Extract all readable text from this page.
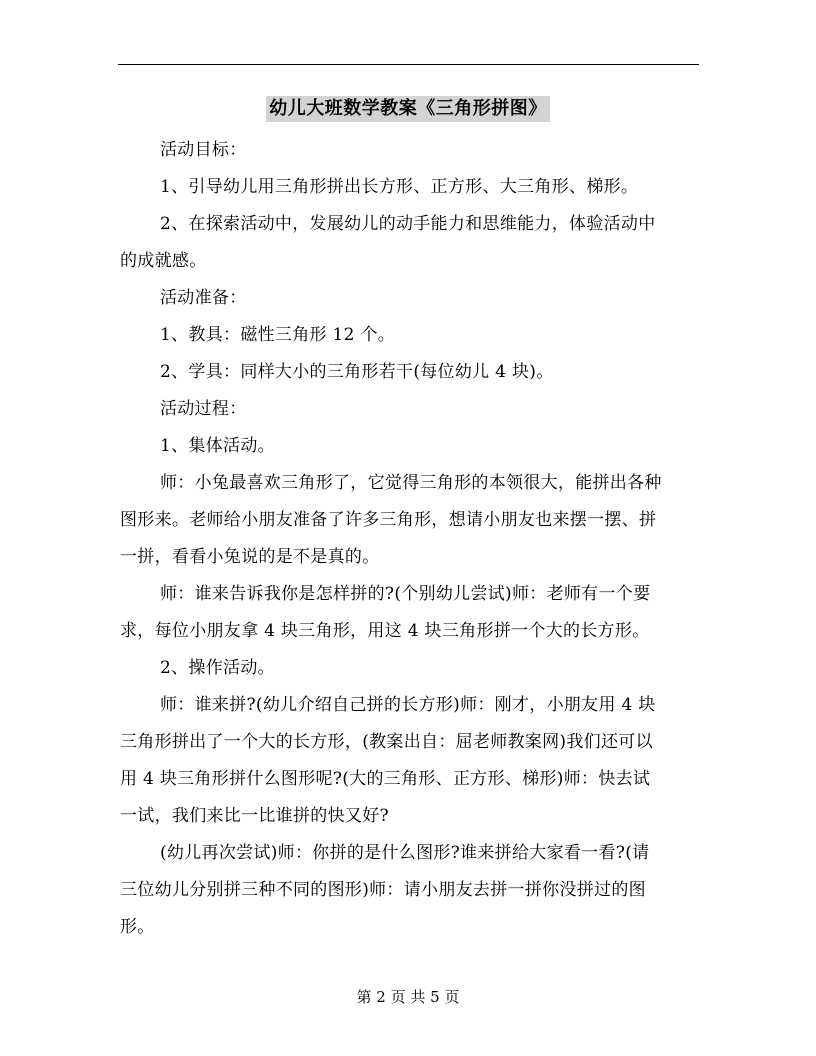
幼儿大班数学教案《三角形拼图》

活动目标：

1、引导幼儿用三角形拼出长方形、正方形、大三角形、梯形。

2、在探索活动中，发展幼儿的动手能力和思维能力，体验活动中

的成就感。

活动准备：

1、教具：磁性三角形 12 个。

2、学具：同样大小的三角形若干(每位幼儿 4 块)。

活动过程：

1、集体活动。

师：小兔最喜欢三角形了，它觉得三角形的本领很大，能拼出各种

图形来。老师给小朋友准备了许多三角形，想请小朋友也来摆一摆、拼

一拼，看看小兔说的是不是真的。

师：谁来告诉我你是怎样拼的?(个别幼儿尝试)师：老师有一个要

求，每位小朋友拿 4 块三角形，用这 4 块三角形拼一个大的长方形。

2、操作活动。

师：谁来拼?(幼儿介绍自己拼的长方形)师：刚才，小朋友用 4 块

三角形拼出了一个大的长方形，(教案出自：屈老师教案网)我们还可以

用 4 块三角形拼什么图形呢?(大的三角形、正方形、梯形)师：快去试

一试，我们来比一比谁拼的快又好?

(幼儿再次尝试)师：你拼的是什么图形?谁来拼给大家看一看?(请

三位幼儿分别拼三种不同的图形)师：请小朋友去拼一拼你没拼过的图

形。

第 2 页 共 5 页
